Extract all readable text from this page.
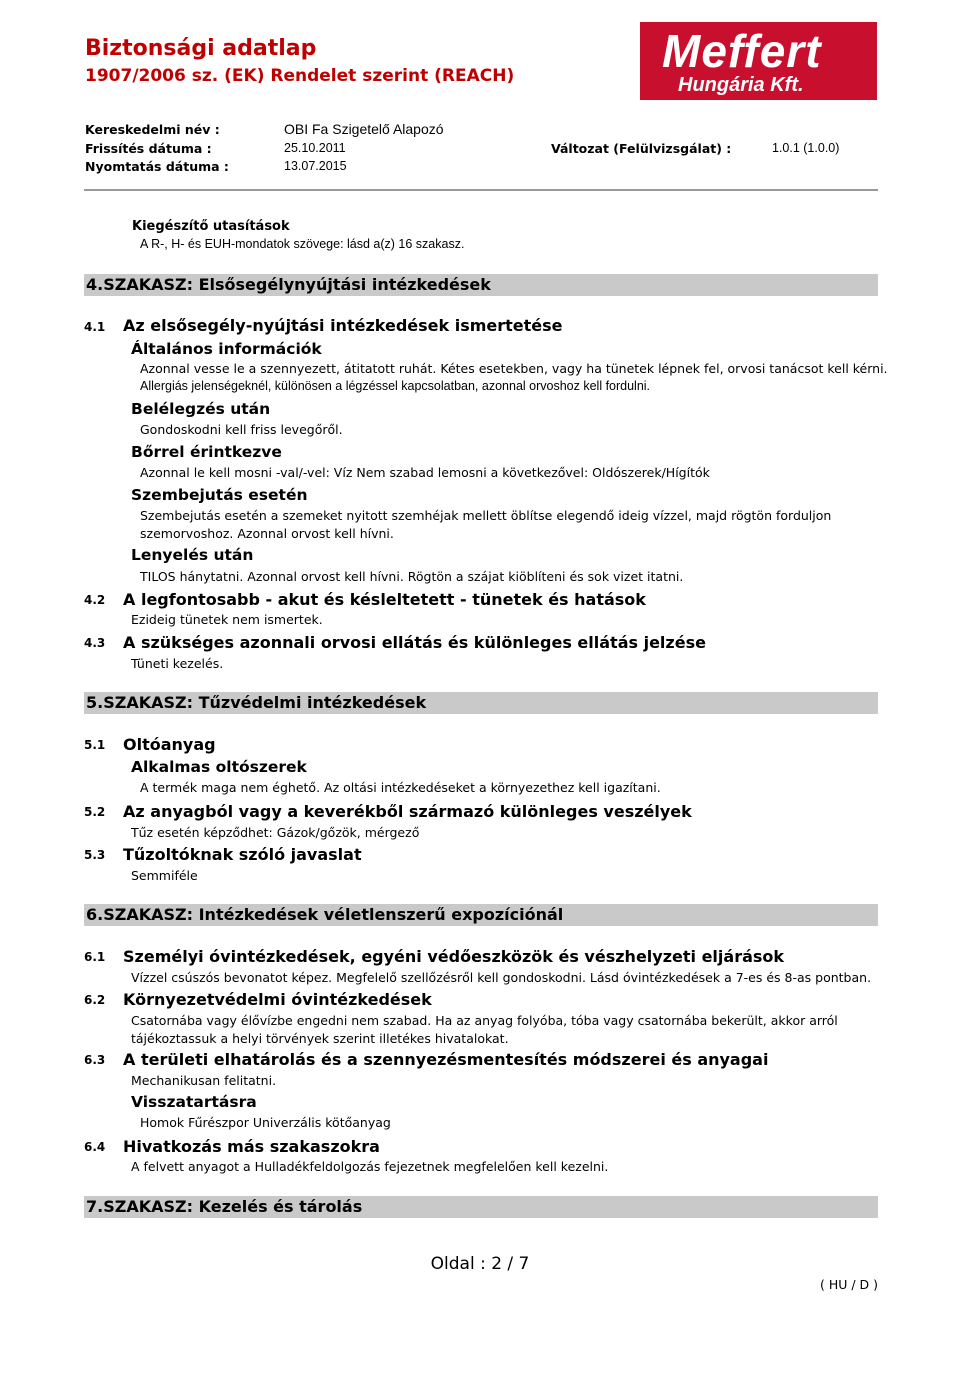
Biztonsági adatlap
1907/2006 sz. (EK) Rendelet szerint (REACH)	Meffert
Hungária Kft.
Kereskedelmi név :	OBI Fa Szigetelő Alapozó
Frissítés dátuma :	25.10.2011	Változat (Felülvizsgálat) :	1.0.1 (1.0.0)
Nyomtatás dátuma :	13.07.2015
Kiegészítő utasítások
A R-, H- és EUH-mondatok szövege: lásd a(z) 16 szakasz.
4.SZAKASZ: Elsősegélynyújtási intézkedések
4.1 Az elsősegély-nyújtási intézkedések ismertetése
Általános információk
Azonnal vesse le a szennyezett, átitatott ruhát. Kétes esetekben, vagy ha tünetek lépnek fel, orvosi tanácsot kell kérni.
Allergiás jelenségeknél, különösen a légzéssel kapcsolatban, azonnal orvoshoz kell fordulni.
Belélegzés után
Gondoskodni kell friss levegőről.
Bőrrel érintkezve
Azonnal le kell mosni -val/-vel: Víz Nem szabad lemosni a következővel: Oldószerek/Hígítók
Szembejutás esetén
Szembejutás esetén a szemeket nyitott szemhéjak mellett öblítse elegendő ideig vízzel, majd rögtön forduljon
szemorvoshoz. Azonnal orvost kell hívni.
Lenyelés után
TILOS hánytatni. Azonnal orvost kell hívni. Rögtön a szájat kiöblíteni és sok vizet itatni.
4.2 A legfontosabb - akut és késleltetett - tünetek és hatások
Ezideig tünetek nem ismertek.
4.3 A szükséges azonnali orvosi ellátás és különleges ellátás jelzése
Tüneti kezelés.
5.SZAKASZ: Tűzvédelmi intézkedések
5.1 Oltóanyag
Alkalmas oltószerek
A termék maga nem éghető. Az oltási intézkedéseket a környezethez kell igazítani.
5.2 Az anyagból vagy a keverékből származó különleges veszélyek
Tűz esetén képződhet: Gázok/gőzök, mérgező
5.3 Tűzoltóknak szóló javaslat
Semmiféle
6.SZAKASZ: Intézkedések véletlenszerű expozíciónál
6.1 Személyi óvintézkedések, egyéni védőeszközök és vészhelyzeti eljárások
Vízzel csúszós bevonatot képez. Megfelelő szellőzésről kell gondoskodni. Lásd óvintézkedések a 7-es és 8-as pontban.
6.2 Környezetvédelmi óvintézkedések
Csatornába vagy élővízbe engedni nem szabad. Ha az anyag folyóba, tóba vagy csatornába bekerült, akkor arról
tájékoztassuk a helyi törvények szerint illetékes hivatalokat.
6.3 A területi elhatárolás és a szennyezésmentesítés módszerei és anyagai
Mechanikusan felitatni.
Visszatartásra
Homok Fűrészpor Univerzális kötőanyag
6.4 Hivatkozás más szakaszokra
A felvett anyagot a Hulladékfeldolgozás fejezetnek megfelelően kell kezelni.
7.SZAKASZ: Kezelés és tárolás
Oldal : 2 / 7
( HU / D )
